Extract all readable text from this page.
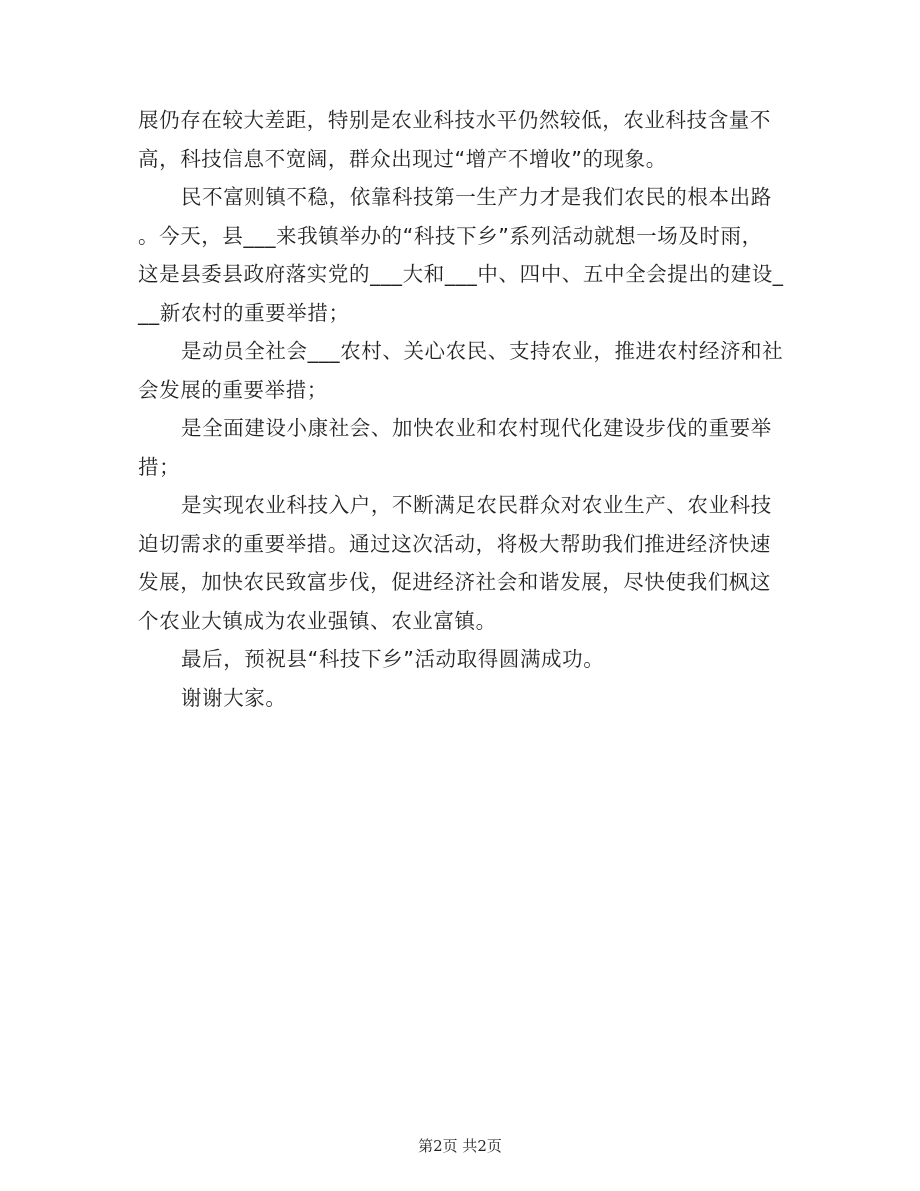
展仍存在较大差距，特别是农业科技水平仍然较低，农业科技含量不
高，科技信息不宽阔，群众出现过“增产不增收”的现象。
民不富则镇不稳，依靠科技第一生产力才是我们农民的根本出路
。今天，县___来我镇举办的“科技下乡”系列活动就想一场及时雨，
这是县委县政府落实党的___大和___中、四中、五中全会提出的建设_
__新农村的重要举措；
是动员全社会___农村、关心农民、支持农业，推进农村经济和社
会发展的重要举措；
是全面建设小康社会、加快农业和农村现代化建设步伐的重要举
措；
是实现农业科技入户，不断满足农民群众对农业生产、农业科技
迫切需求的重要举措。通过这次活动，将极大帮助我们推进经济快速
发展，加快农民致富步伐，促进经济社会和谐发展，尽快使我们枫这
个农业大镇成为农业强镇、农业富镇。
最后，预祝县“科技下乡”活动取得圆满成功。
谢谢大家。
第2页 共2页
